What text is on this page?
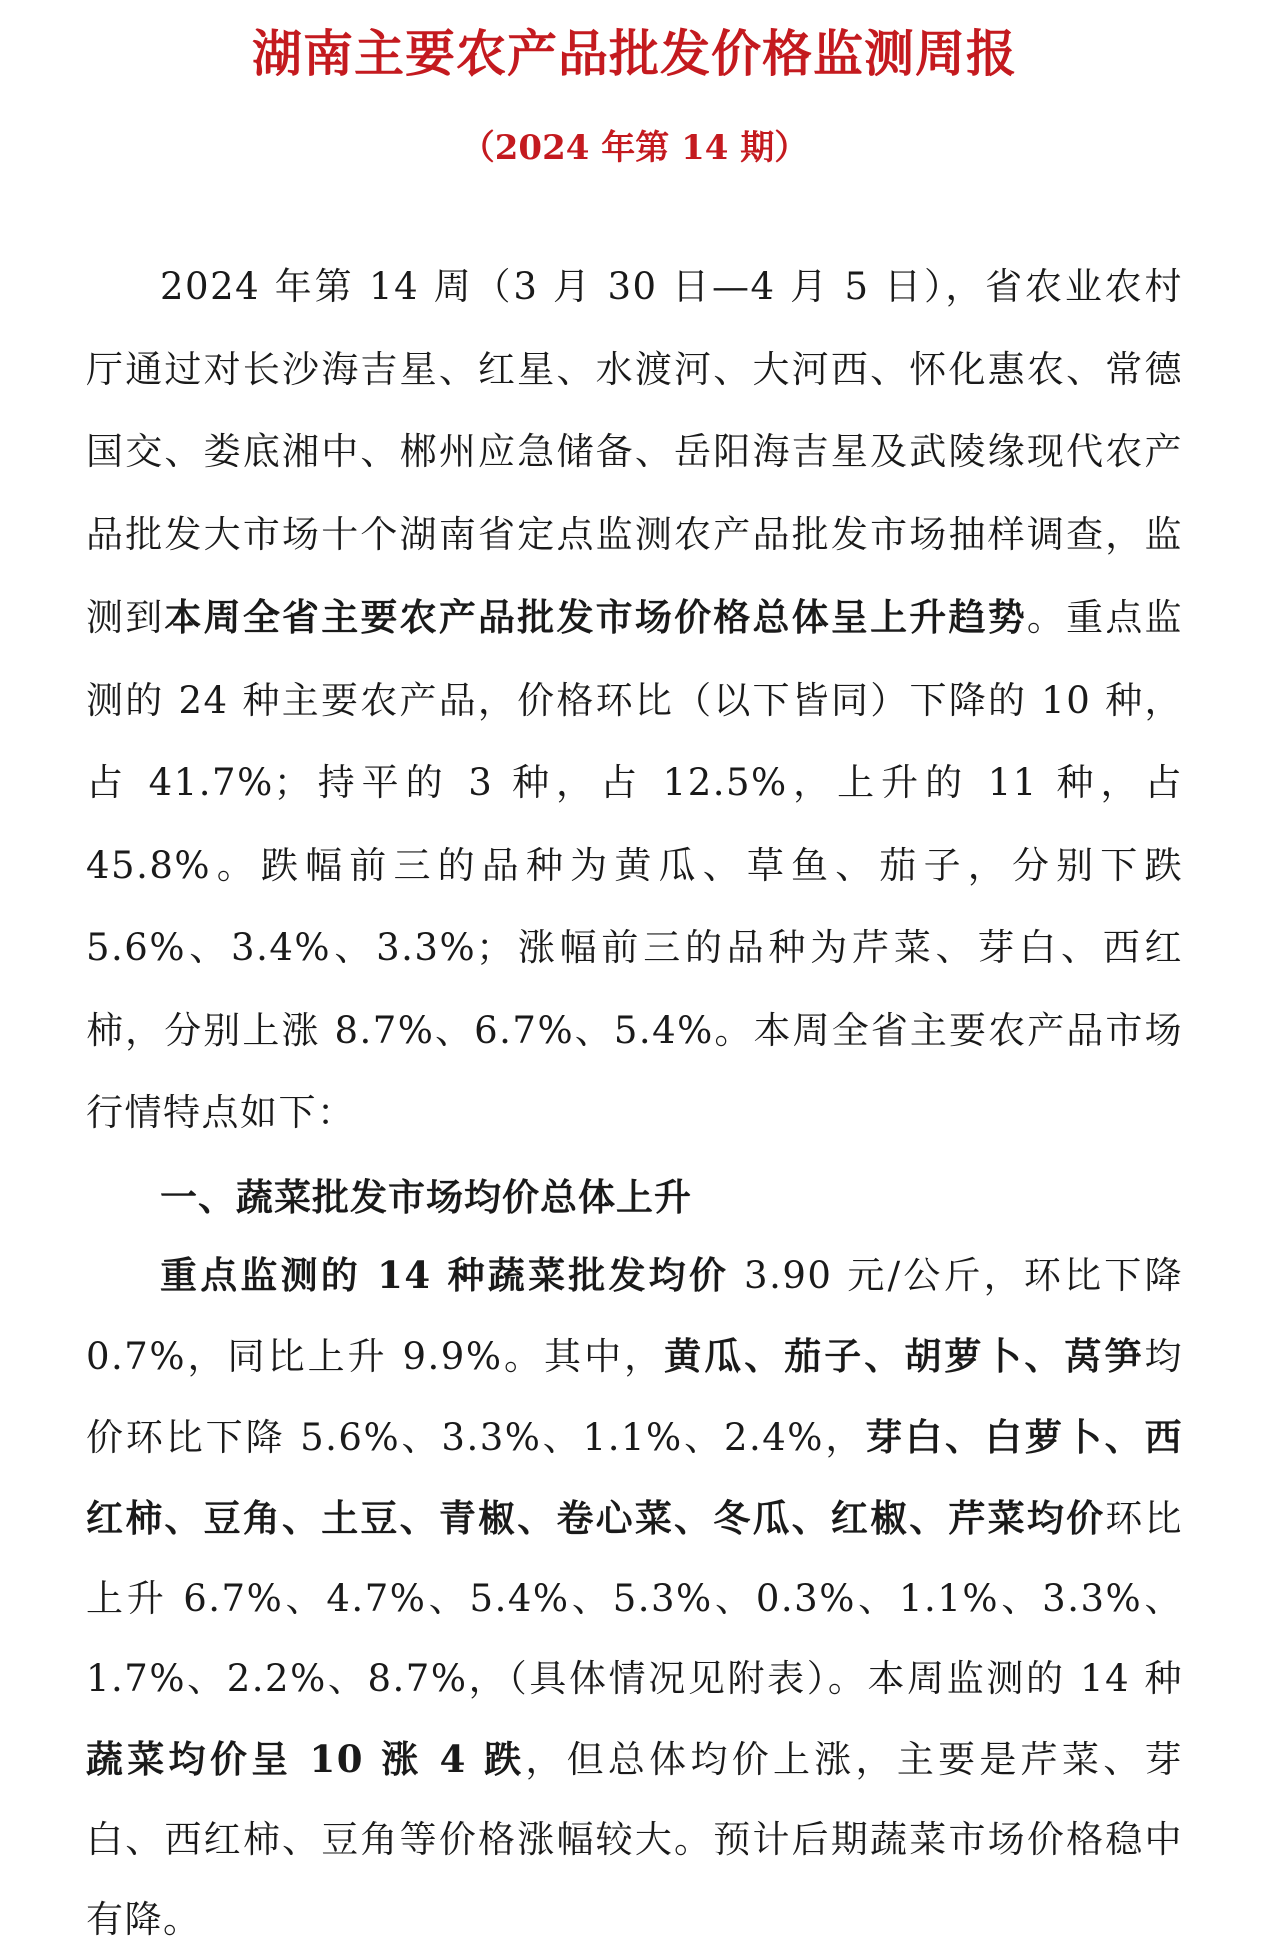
湖南主要农产品批发价格监测周报
（2024 年第 14 期）

2024 年第 14 周（3 月 30 日—4 月 5 日），省农业农村厅通过对长沙海吉星、红星、水渡河、大河西、怀化惠农、常德国交、娄底湘中、郴州应急储备、岳阳海吉星及武陵缘现代农产品批发大市场十个湖南省定点监测农产品批发市场抽样调查，监测到本周全省主要农产品批发市场价格总体呈上升趋势。重点监测的 24 种主要农产品，价格环比（以下皆同）下降的 10 种，占 41.7%；持平的 3 种，占 12.5%，上升的 11 种，占 45.8%。跌幅前三的品种为黄瓜、草鱼、茄子，分别下跌 5.6%、3.4%、3.3%；涨幅前三的品种为芹菜、芽白、西红柿，分别上涨 8.7%、6.7%、5.4%。本周全省主要农产品市场行情特点如下：

一、蔬菜批发市场均价总体上升

重点监测的 14 种蔬菜批发均价 3.90 元/公斤，环比下降 0.7%，同比上升 9.9%。其中，黄瓜、茄子、胡萝卜、莴笋均价环比下降 5.6%、3.3%、1.1%、2.4%，芽白、白萝卜、西红柿、豆角、土豆、青椒、卷心菜、冬瓜、红椒、芹菜均价环比上升 6.7%、4.7%、5.4%、5.3%、0.3%、1.1%、3.3%、1.7%、2.2%、8.7%，（具体情况见附表）。本周监测的 14 种蔬菜均价呈 10 涨 4 跌，但总体均价上涨，主要是芹菜、芽白、西红柿、豆角等价格涨幅较大。预计后期蔬菜市场价格稳中有降。
